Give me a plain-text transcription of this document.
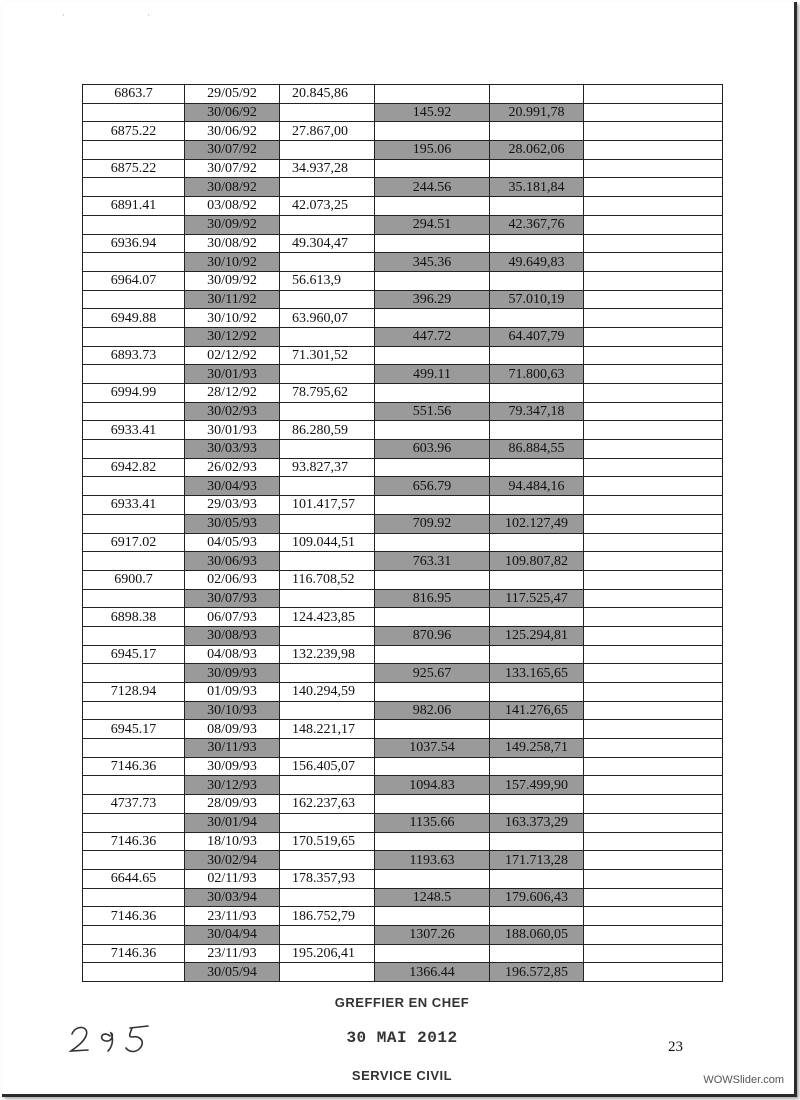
· ·
6863.7	29/05/92	20.845,86			
	30/06/92		145.92	20.991,78	
6875.22	30/06/92	27.867,00			
	30/07/92		195.06	28.062,06	
6875.22	30/07/92	34.937,28			
	30/08/92		244.56	35.181,84	
6891.41	03/08/92	42.073,25			
	30/09/92		294.51	42.367,76	
6936.94	30/08/92	49.304,47			
	30/10/92		345.36	49.649,83	
6964.07	30/09/92	56.613,9			
	30/11/92		396.29	57.010,19	
6949.88	30/10/92	63.960,07			
	30/12/92		447.72	64.407,79	
6893.73	02/12/92	71.301,52			
	30/01/93		499.11	71.800,63	
6994.99	28/12/92	78.795,62			
	30/02/93		551.56	79.347,18	
6933.41	30/01/93	86.280,59			
	30/03/93		603.96	86.884,55	
6942.82	26/02/93	93.827,37			
	30/04/93		656.79	94.484,16	
6933.41	29/03/93	101.417,57			
	30/05/93		709.92	102.127,49	
6917.02	04/05/93	109.044,51			
	30/06/93		763.31	109.807,82	
6900.7	02/06/93	116.708,52			
	30/07/93		816.95	117.525,47	
6898.38	06/07/93	124.423,85			
	30/08/93		870.96	125.294,81	
6945.17	04/08/93	132.239,98			
	30/09/93		925.67	133.165,65	
7128.94	01/09/93	140.294,59			
	30/10/93		982.06	141.276,65	
6945.17	08/09/93	148.221,17			
	30/11/93		1037.54	149.258,71	
7146.36	30/09/93	156.405,07			
	30/12/93		1094.83	157.499,90	
4737.73	28/09/93	162.237,63			
	30/01/94		1135.66	163.373,29	
7146.36	18/10/93	170.519,65			
	30/02/94		1193.63	171.713,28	
6644.65	02/11/93	178.357,93			
	30/03/94		1248.5	179.606,43	
7146.36	23/11/93	186.752,79			
	30/04/94		1307.26	188.060,05	
7146.36	23/11/93	195.206,41			
	30/05/94		1366.44	196.572,85	
GREFFIER EN CHEF
30 MAI 2012
SERVICE CIVIL
23
WOWSlider.com
